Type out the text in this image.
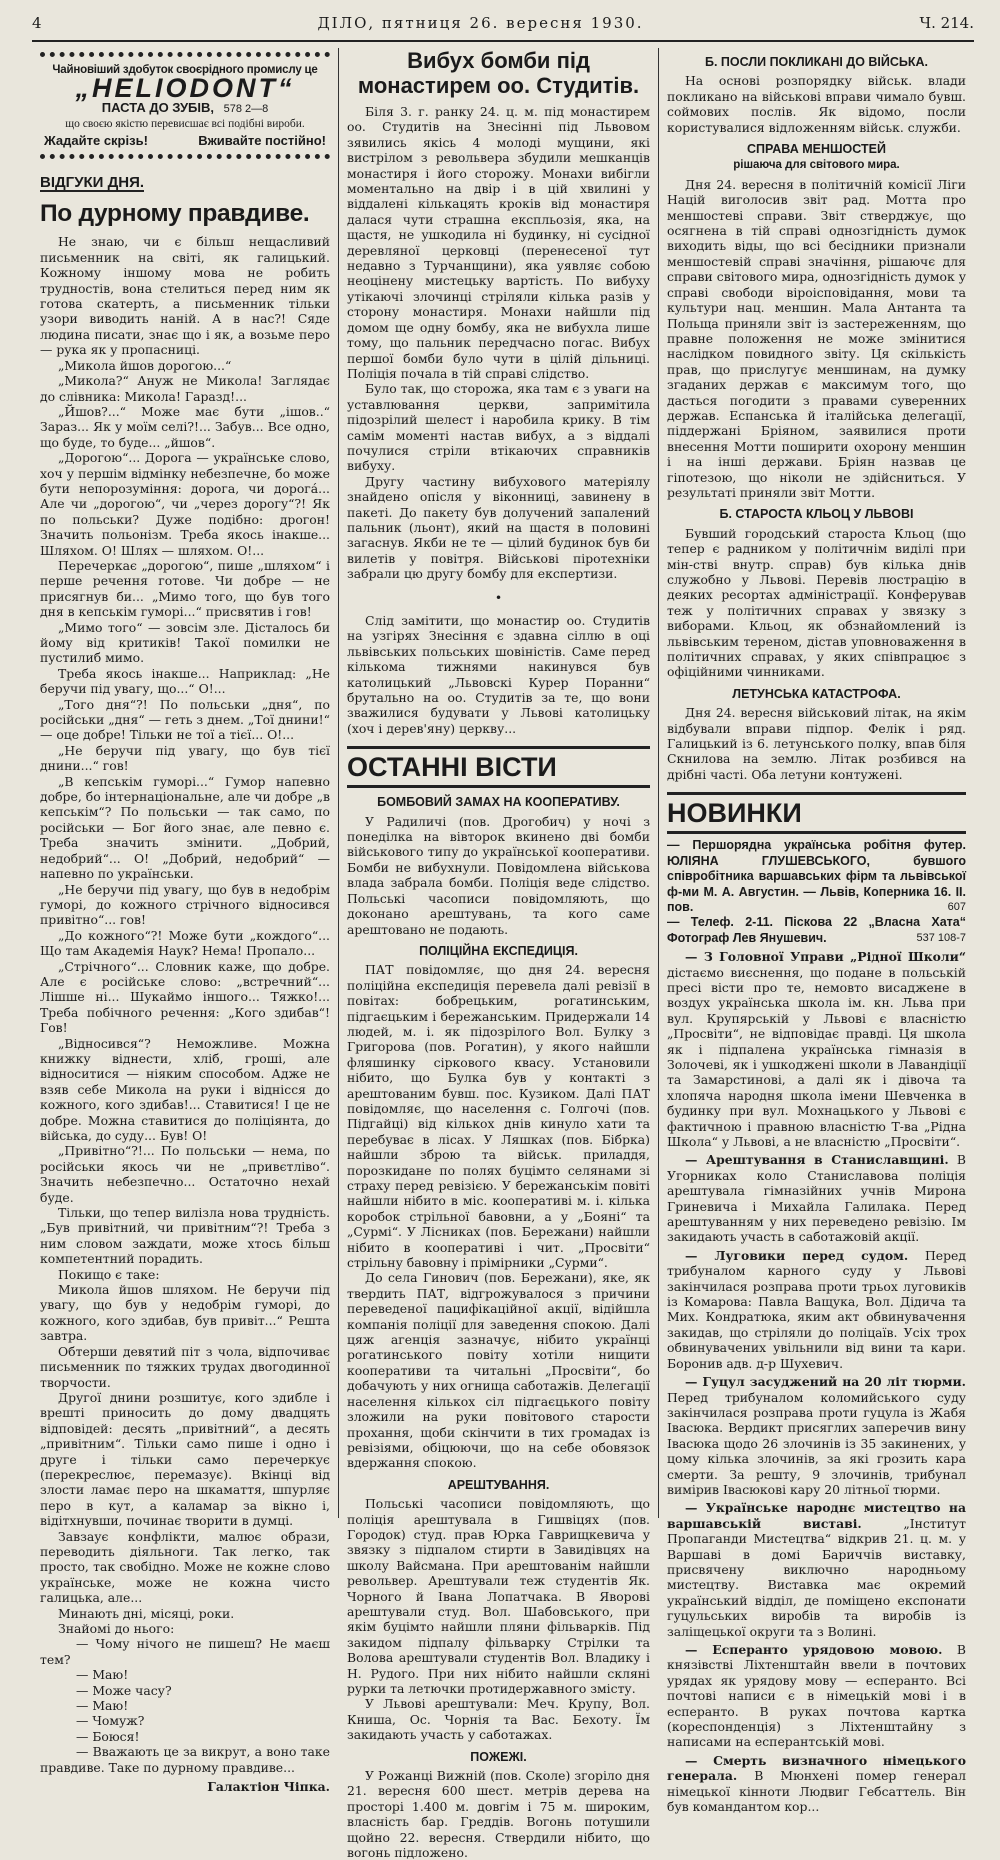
4	ДІЛО, пятниця 26. вересня 1930.	Ч. 214.
Чайновіший здобуток своєрідного промислу це
„HELIODONT“
ПАСТА ДО ЗУБІВ, 578 2—8
що своєю якістю перевисшає всі подібні вироби.
Жадайте скрізь!	Вживайте постійно!
ВІДГУКИ ДНЯ.
По дурному правдиве.

Не знаю, чи є більш нещасливий письменник на світі, як галицький. Кожному іншому мова не робить трудностів, вона стелиться перед ним як готова скатерть, а письменник тільки узори виводить наній. А в нас?! Сяде людина писати, знає що і як, а возьме перо — рука як у пропасниці.

„Микола йшов дорогою...“

„Микола?“ Ануж не Микола! Заглядає до слівника: Микола! Гаразд!...

„Йшов?...“ Може має бути „ішов..“ Зараз... Як у моїм селі?!... Забув... Все одно, що буде, то буде... „йшов“.

„Дорогою“... Дорога — українське слово, хоч у першім відмінку небезпечне, бо може бути непорозуміння: дорога, чи дорогá... Але чи „дорогою“, чи „через дорогу“?! Як по польськи? Дуже подібно: дрогон! Значить польонізм. Треба якось інакше... Шляхом. О! Шлях — шляхом. О!...

Перечеркає „дорогою“, пише „шляхом“ і перше речення готове. Чи добре — не присягнув би... „Мимо того, що був того дня в кепськім гуморі...“ присвятив і гов!

„Мимо того“ — зовсім зле. Дісталось би йому від критиків! Такої помилки не пустилиб мимо.

Треба якось інакше... Наприклад: „Не беручи під увагу, що...“ О!...

„Того дня“?! По польськи „дня“, по російськи „дня“ — геть з днем. „Тої днини!“ — оце добре! Тільки не тої а тієї... О!...

„Не беручи під увагу, що був тієї днини...“ гов!

„В кепськім гуморі...“ Гумор напевно добре, бо інтернаціональне, але чи добре „в кепськім“? По польськи — так само, по російськи — Бог його знає, але певно є. Треба значить змінити. „Добрий, недобрий“... О! „Добрий, недобрий“ — напевно по українськи.

„Не беручи під увагу, що був в недобрім гуморі, до кожного стрічного відносився привітно“... гов!

„До кожного“?! Може бути „кождого“... Що там Академія Наук? Нема! Пропало...

„Стрічного“... Словник каже, що добре. Але є російське слово: „встречний“... Лішше ні... Шукаймо іншого... Тяжко!... Треба побічного речення: „Кого здибав“! Гов!

„Відносився“? Неможливе. Можна книжку віднести, хліб, гроші, але відноситися — ніяким способом. Адже не взяв себе Микола на руки і віднісся до кожного, кого здибав!... Ставитися! І це не добре. Можна ставитися до поліціянта, до війська, до суду... Був! О!

„Привітно“?!... По польськи — нема, по російськи якось чи не „привєтліво“. Значить небезпечно... Остаточно нехай буде.

Тільки, що тепер вилізла нова трудність. „Був привітний, чи привітним“?! Треба з ним словом заждати, може хтось більш компетентний порадить.

Покищо є таке:

Микола йшов шляхом. Не беручи під увагу, що був у недобрім гуморі, до кожного, кого здибав, був привіт...“ Решта завтра.

Обтерши девятий піт з чола, відпочиває письменник по тяжких трудах двогодинної творчости.

Другої днини розшитує, кого здибле і врешті приносить до дому двадцять відповідей: десять „привітний“, а десять „привітним“. Тільки само пише і одно і друге і тільки само перечеркує (перекреслює, перемазує). Вкінці від злости ламає перо на шкамаття, шпурляє перо в кут, а каламар за вікно і, відітхнувши, починає творити в думці.

Завзаує конфлікти, малює образи, переводить діяльноги. Так легко, так просто, так свобідно. Може не кожне слово українське, може не кожна чисто галицька, але...

Минають дні, місяці, роки.

Знайомі до нього:

— Чому нічого не пишеш? Не маєш тем?

— Маю!

— Може часу?

— Маю!

— Чомуж?

— Боюся!

— Вважають це за викрут, а воно таке правдиве. Таке по дурному правдиве...

Галактіон Чіпка.
Вибух бомби під монастирем оо. Студитів.

Біля 3. г. ранку 24. ц. м. під монастирем оо. Студитів на Знесінні під Львовом зявились якісь 4 молоді мущини, які вистрілом з револьвера збудили мешканців монастиря і його сторожу. Монахи вибігли моментально на двір і в цій хвилині у віддалені кількацять кроків від монастиря далася чути страшна експльозія, яка, на щастя, не ушкодила ні будинку, ні сусідної деревляної церковці (перенесеної тут недавно з Турчанщини), яка уявляє собою неоцінену мистецьку вартість. По вибуху утікаючі злочинці стріляли кілька разів у сторону монастиря. Монахи найшли під домом ще одну бомбу, яка не вибухла лише тому, що пальник передчасно погас. Вибух першої бомби було чути в цілій дільниці. Поліція почала в тій справі слідство.

Було так, що сторожа, яка там є з уваги на уставлювання церкви, запримітила підозрілий шелест і наробила крику. В тім самім моменті настав вибух, а з віддалі почулися стріли втікаючих справників вибуху.

Другу частину вибухового матеріялу знайдено опісля у віконниці, завинену в пакеті. До пакету був долучений запалений пальник (льонт), який на щастя в половині загаснув. Якби не те — цілий будинок був би вилетів у повітря. Військові піротехніки забрали цю другу бомбу для експертизи.

•

Слід замітити, що монастир оо. Студитів на узгірях Знесіння є здавна сіллю в оці львівських польських шовіністів. Саме перед кількома тижнями накинувся був католицький „Львовскі Курер Поранни“ брутально на оо. Студитів за те, що вони зважилися будувати у Львові католицьку (хоч і дерев'яну) церкву...

ОСТАННІ ВІСТИ
БОМБОВИЙ ЗАМАХ НА КООПЕРАТИВУ.

У Радиличі (пов. Дрогобич) у ночі з понеділка на вівторок вкинено дві бомби військового типу до української кооперативи. Бомби не вибухнули. Повідомлена військова влада забрала бомби. Поліція веде слідство. Польські часописи повідомляють, що доконано арештувань, та кого саме арештовано не подають.

ПОЛІЦІЙНА ЕКСПЕДИЦІЯ.

ПАТ повідомляє, що дня 24. вересня поліційна експедиція перевела далі ревізії в повітах: бобрецьким, рогатинським, підгаєцьким і бережанським. Придержали 14 людей, м. і. як підозрілого Вол. Булку з Григорова (пов. Рогатин), у якого найшли фляшинку сіркового квасу. Установили нібито, що Булка був у контакті з арештованим бувш. пос. Кузиком. Далі ПАТ повідомляє, що населення с. Голгочі (пов. Підгайці) від кількох днів кинуло хати та перебуває в лісах. У Ляшках (пов. Бібрка) найшли зброю та військ. приладдя, порозкидане по полях буцімто селянами зі страху перед ревізією. У бережанськім повіті найшли нібито в міс. кооперативі м. і. кілька коробок стрільної бавовни, а у „Бояні“ та „Сурмі“. У Лісниках (пов. Бережани) найшли нібито в кооперативі і чит. „Просвіти“ стрільну бавовну і прімірники „Сурми“.

До села Гинович (пов. Бережани), яке, як твердить ПАТ, відгрожувалося з причини переведеної пацифікаційної акції, відійшла компанія поліції для заведення спокою. Далі цяж агенція зазначує, нібито українці рогатинського повіту хотіли нищити кооперативи та читальні „Просвіти“, бо добачують у них огнища саботажів. Делегації населення кількох сіл підгаєцького повіту зложили на руки повітового старости прохання, щоби скінчити в тих громадах із ревізіями, обіцюючи, що на себе обовязок вдержання спокою.

АРЕШТУВАННЯ.

Польські часописи повідомляють, що поліція арештувала в Гишвіцях (пов. Городок) студ. прав Юрка Гаврищкевича у звязку з підпалом стирти в Завидівцях на школу Вайсмана. При арештованім найшли револьвер. Арештували теж студентів Як. Чорного й Івана Лопатчака. В Яворові арештували студ. Вол. Шабовського, при якім буцімто найшли пляни фільварків. Під закидом підпалу фільварку Стрілки та Волова арештували студентів Вол. Владику і Н. Рудого. При них нібито найшли скляні рурки та летючки протидержавного змісту.

У Львові арештували: Меч. Крупу, Вол. Книша, Ос. Чорнія та Вас. Бехоту. Їм закидають участь у саботажах.

ПОЖЕЖІ.

У Рожанці Вижній (пов. Сколе) згоріло дня 21. вересня 600 шест. метрів дерева на просторі 1.400 м. довгім і 75 м. широким, власність бар. Греддів. Вогонь потушили щойно 22. вересня. Ствердили нібито, що вогонь підложено.

Б. ПОСЛИ ПОКЛИКАНІ ДО ВІЙСЬКА.

На основі розпорядку військ. влади покликано на військові вправи чимало бувш. соймових послів. Як відомо, посли користувалися відложенням військ. служби.

СПРАВА МЕНШОСТЕЙ
рішаюча для світового мира.

Дня 24. вересня в політичній комісії Ліги Націй виголосив звіт рад. Мотта про меншостеві справи. Звіт стверджує, що осягнена в тій справі однозгідність думок виходить віды, що всі бесідники признали меншостевій справі значіння, рішаючє для справи світового мира, однозгідність думок у справі свободи віроісповідання, мови та культури нац. меншин. Мала Антанта та Польща приняли звіт із застереженням, що правне положення не може змінитися наслідком повидного звіту. Ця скількість прав, що прислугує меншинам, на думку згаданих держав є максимум того, що дасться погодити з правами суверенних держав. Еспанська й італійська делегації, піддержані Бріяном, заявилися проти внесення Мотти поширити охорону меншин і на інші держави. Бріян назвав це гіпотезою, що ніколи не здійсниться. У результаті приняли звіт Мотти.

Б. СТАРОСТА КЛЬОЦ У ЛЬВОВІ

Бувший городський староста Кльоц (що тепер є радником у політичнім виділі при мін-стві внутр. справ) був кілька днів служобно у Львові. Перевів люстрацію в деяких ресортах адміністрації. Конферував теж у політичних справах у звязку з виборами. Кльоц, як обзнайомлений із львівським тереном, дістав уповноваження в політичних справах, у яких співпрацює з офіційними чинниками.

ЛЕТУНСЬКА КАТАСТРОФА.

Дня 24. вересня військовий літак, на якім відбували вправи підпор. Фелік і ряд. Галицький із 6. летунського полку, впав біля Скнилова на землю. Літак розбився на дрібні часті. Оба летуни контужені.

НОВИНКИ

— Першорядна українська робітня футер. ЮЛІЯНА ГЛУШЕВСЬКОГО, бувшого співробітника варшавських фірм та львівської ф-ми М. А. Августин. — Львів, Коперника 16. II. пов.	607

— Телеф. 2-11. Піскова 22 „Власна Хата“ Фотограф Лев Янушевич.	537 108-7

— З Головної Управи „Рідної Школи“ дістаємо виєснення, що подане в польській пресі вісти про те, немовто висаджене в воздух українська школа ім. кн. Льва при вул. Крупярській у Львові є власністю „Просвіти“, не відповідає правді. Ця школа як і підпалена українська гімназія в Золочеві, як і ушкоджені школи в Лавандіції та Замарстинові, а далі як і дівоча та хлопяча народня школа імени Шевченка в будинку при вул. Мохнацького у Львові є фактичною і правною власністю Т-ва „Рідна Школа“ у Львові, а не власністю „Просвіти“.

— Арештування в Станиславщині. В Угорниках коло Станиславова поліція арештувала гімназійних учнів Мирона Гриневича і Михайла Галилака. Перед арештуванням у них переведено ревізію. Ім закидають участь в саботажовій акції.

— Луговики перед судом. Перед трибуналом карного суду у Львові закінчилася розправа проти трьох луговиків із Комарова: Павла Ващука, Вол. Дідича та Мих. Кондратюка, яким акт обвинувачення закидав, що стріляли до поліцаїв. Усіх трох обвинувачених увільнили від вини та кари. Боронив адв. д-р Шухевич.

— Гуцул засуджений на 20 літ тюрми. Перед трибуналом коломийського суду закінчилася розправа проти гуцула із Жабя Івасюка. Вердикт присяглих заперечив вину Івасюка щодо 26 злочинів із 35 закинених, у цому кілька злочинів, за які грозить кара смерти. За решту, 9 злочинів, трибунал вимірив Івасюкові кару 20 літньої тюрми.

— Українське народнє мистецтво на варшавській виставі. „Інститут Пропаганди Мистецтва“ відкрив 21. ц. м. у Варшаві в домі Бариччів виставку, присвячену виключно народньому мистецтву. Виставка має окремий український відділ, де поміщено експонати гуцульських виробів та виробів із заліщецької округи та з Волині.

— Есперанто урядовою мовою. В князівстві Ліхтенштайн ввели в почтових урядах як урядову мову — есперанто. Всі почтові написи є в німецькій мові і в есперанто. В руках почтова картка (кореспонденція) з Ліхтенштайну з написами на есперантській мові.

— Смерть визначного німецького генерала. В Мюнхені помер генерал німецької кінноти Людвиг Гебсаттель. Він був командантом кор...
